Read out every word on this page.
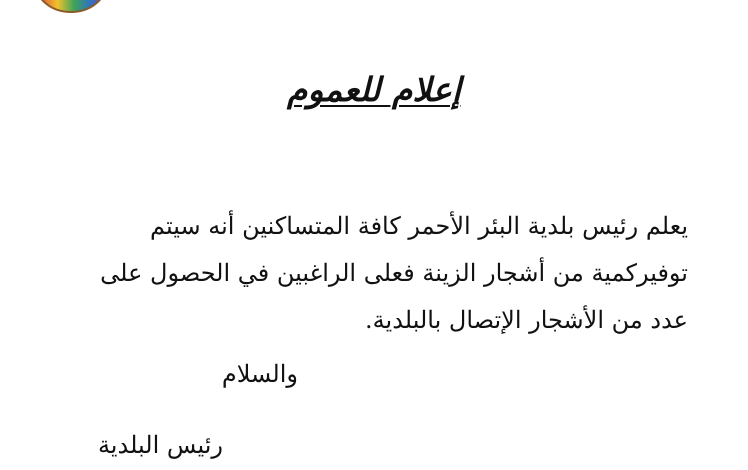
إعلام للعموم
يعلم رئيس بلدية البئر الأحمر كافة المتساكنين أنه سيتم
توفيركمية من أشجار الزينة فعلى الراغبين في الحصول على
عدد من الأشجار الإتصال بالبلدية.
والسلام
رئيس البلدية
